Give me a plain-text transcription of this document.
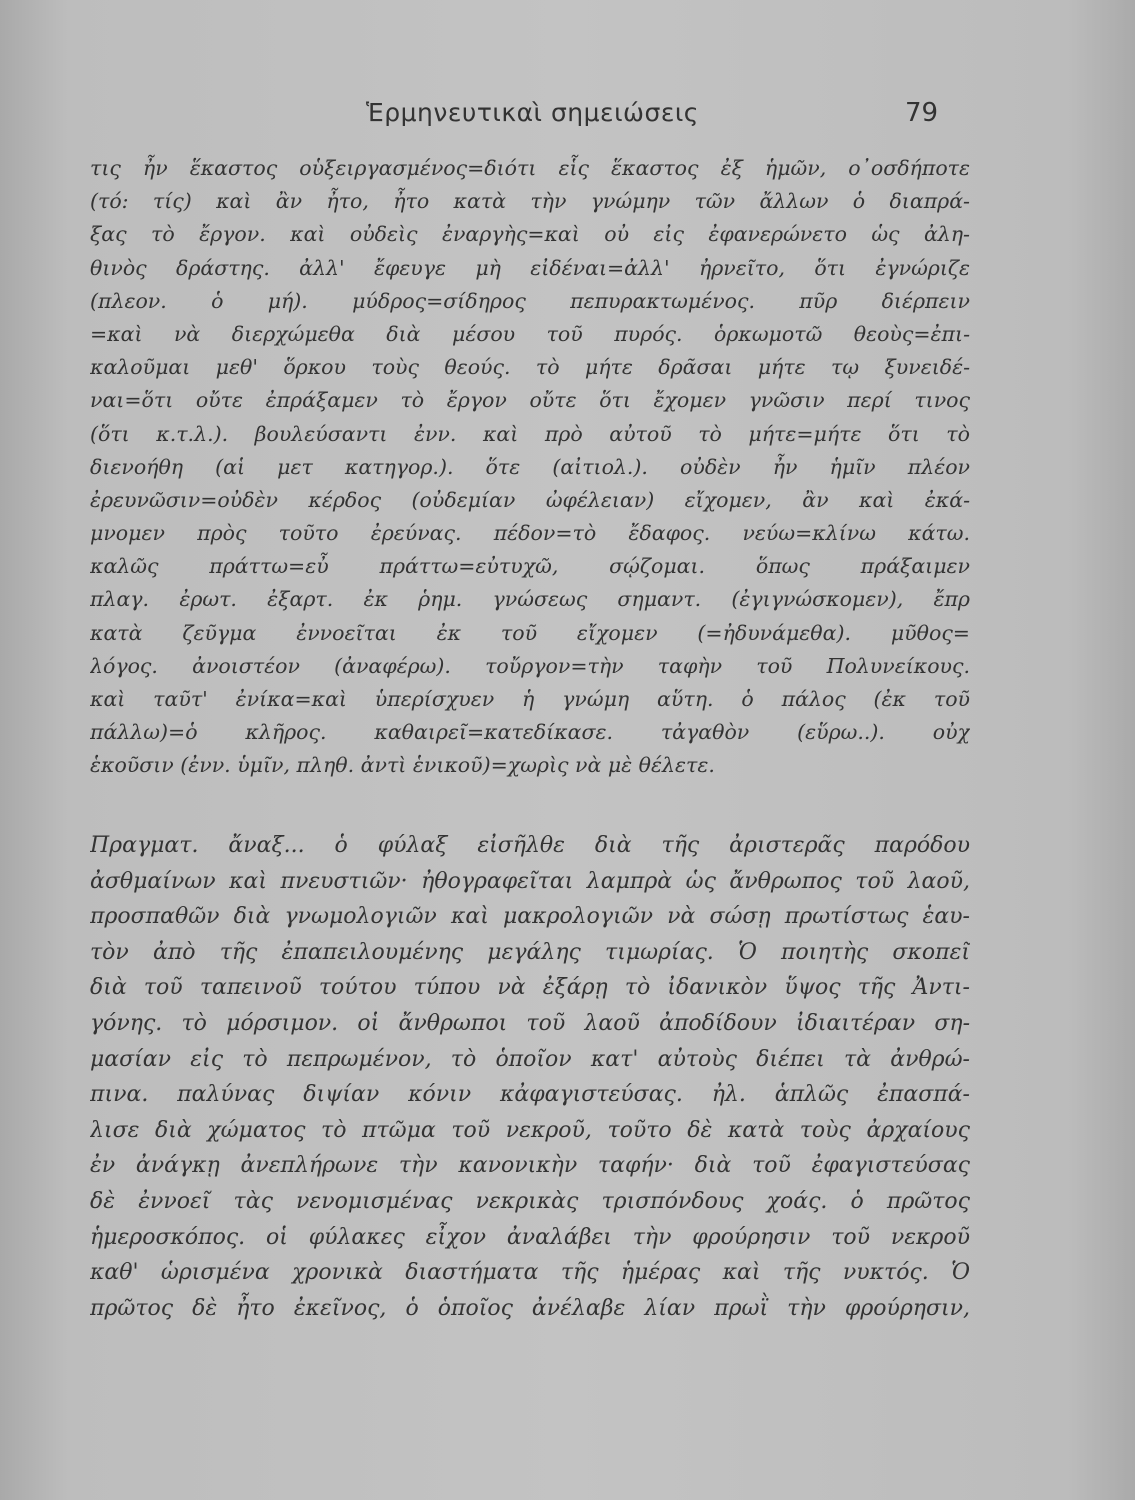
Ἑρμηνευτικαὶ σημειώσεις	79
τις ἦν ἕκαστος οὑξειργασμένος=διότι εἷς ἕκαστος ἐξ ἡμῶν, ο᾿οσδήποτε
(τό: τίς) καὶ ἂν ἦτο, ἦτο κατὰ τὴν γνώμην τῶν ἄλλων ὁ διαπρά-
ξας τὸ ἔργον. καὶ οὐδεὶς ἐναργὴς=καὶ οὐ εἰς ἐφανερώνετο ὡς ἀλη-
θινὸς δράστης. ἀλλ' ἔφευγε μὴ εἰδέναι=ἀλλ' ἠρνεῖτο, ὅτι ἐγνώριζε
(πλεον. ὁ μή). μύδρος=σίδηρος πεπυρακτωμένος. πῦρ διέρπειν
=καὶ νὰ διερχώμεθα διὰ μέσου τοῦ πυρός. ὁρκωμοτῶ θεοὺς=ἐπι-
καλοῦμαι μεθ' ὅρκου τοὺς θεούς. τὸ μήτε δρᾶσαι μήτε τῳ ξυνειδέ-
ναι=ὅτι οὔτε ἐπράξαμεν τὸ ἔργον οὔτε ὅτι ἔχομεν γνῶσιν περί τινος
(ὅτι κ.τ.λ.). βουλεύσαντι ἐνν. καὶ πρὸ αὐτοῦ τὸ μήτε=μήτε ὅτι τὸ
διενοήθη (αἱ μετ κατηγορ.). ὅτε (αἰτιολ.). οὐδὲν ἦν ἡμῖν πλέον
ἐρευνῶσιν=οὐδὲν κέρδος (οὐδεμίαν ὠφέλειαν) εἴχομεν, ἂν καὶ ἐκά-
μνομεν πρὸς τοῦτο ἐρεύνας. πέδον=τὸ ἔδαφος. νεύω=κλίνω κάτω.
καλῶς πράττω=εὖ πράττω=εὐτυχῶ, σῴζομαι. ὅπως πράξαιμεν
πλαγ. ἐρωτ. ἐξαρτ. ἐκ ῥημ. γνώσεως σημαντ. (ἐγιγνώσκομεν), ἔπρ
κατὰ ζεῦγμα ἐννοεῖται ἐκ τοῦ εἴχομεν (=ἠδυνάμεθα). μῦθος=
λόγος. ἀνοιστέον (ἀναφέρω). τοὔργον=τὴν ταφὴν τοῦ Πολυνείκους.
καὶ ταῦτ' ἐνίκα=καὶ ὑπερίσχυεν ἡ γνώμη αὕτη. ὁ πάλος (ἐκ τοῦ
πάλλω)=ὁ κλῆρος. καθαιρεῖ=κατεδίκασε. τἀγαθὸν (εὕρω..). οὐχ
ἑκοῦσιν (ἐνν. ὑμῖν, πληθ. ἀντὶ ἑνικοῦ)=χωρὶς νὰ μὲ θέλετε.
Πραγματ. ἄναξ... ὁ φύλαξ εἰσῆλθε διὰ τῆς ἀριστερᾶς παρόδου
ἀσθμαίνων καὶ πνευστιῶν· ἠθογραφεῖται λαμπρὰ ὡς ἄνθρωπος τοῦ λαοῦ,
προσπαθῶν διὰ γνωμολογιῶν καὶ μακρολογιῶν νὰ σώσῃ πρωτίστως ἑαυ-
τὸν ἀπὸ τῆς ἐπαπειλουμένης μεγάλης τιμωρίας. Ὁ ποιητὴς σκοπεῖ
διὰ τοῦ ταπεινοῦ τούτου τύπου νὰ ἐξάρῃ τὸ ἰδανικὸν ὕψος τῆς Ἀντι-
γόνης. τὸ μόρσιμον. οἱ ἄνθρωποι τοῦ λαοῦ ἀποδίδουν ἰδιαιτέραν ση-
μασίαν εἰς τὸ πεπρωμένον, τὸ ὁποῖον κατ' αὐτοὺς διέπει τὰ ἀνθρώ-
πινα. παλύνας διψίαν κόνιν κἀφαγιστεύσας. ἠλ. ἁπλῶς ἐπασπά-
λισε διὰ χώματος τὸ πτῶμα τοῦ νεκροῦ, τοῦτο δὲ κατὰ τοὺς ἀρχαίους
ἐν ἀνάγκῃ ἀνεπλήρωνε τὴν κανονικὴν ταφήν· διὰ τοῦ ἐφαγιστεύσας
δὲ ἐννοεῖ τὰς νενομισμένας νεκρικὰς τρισπόνδους χοάς. ὁ πρῶτος
ἡμεροσκόπος. οἱ φύλακες εἶχον ἀναλάβει τὴν φρούρησιν τοῦ νεκροῦ
καθ' ὡρισμένα χρονικὰ διαστήματα τῆς ἡμέρας καὶ τῆς νυκτός. Ὁ
πρῶτος δὲ ἦτο ἐκεῖνος, ὁ ὁποῖος ἀνέλαβε λίαν πρωῒ τὴν φρούρησιν,
